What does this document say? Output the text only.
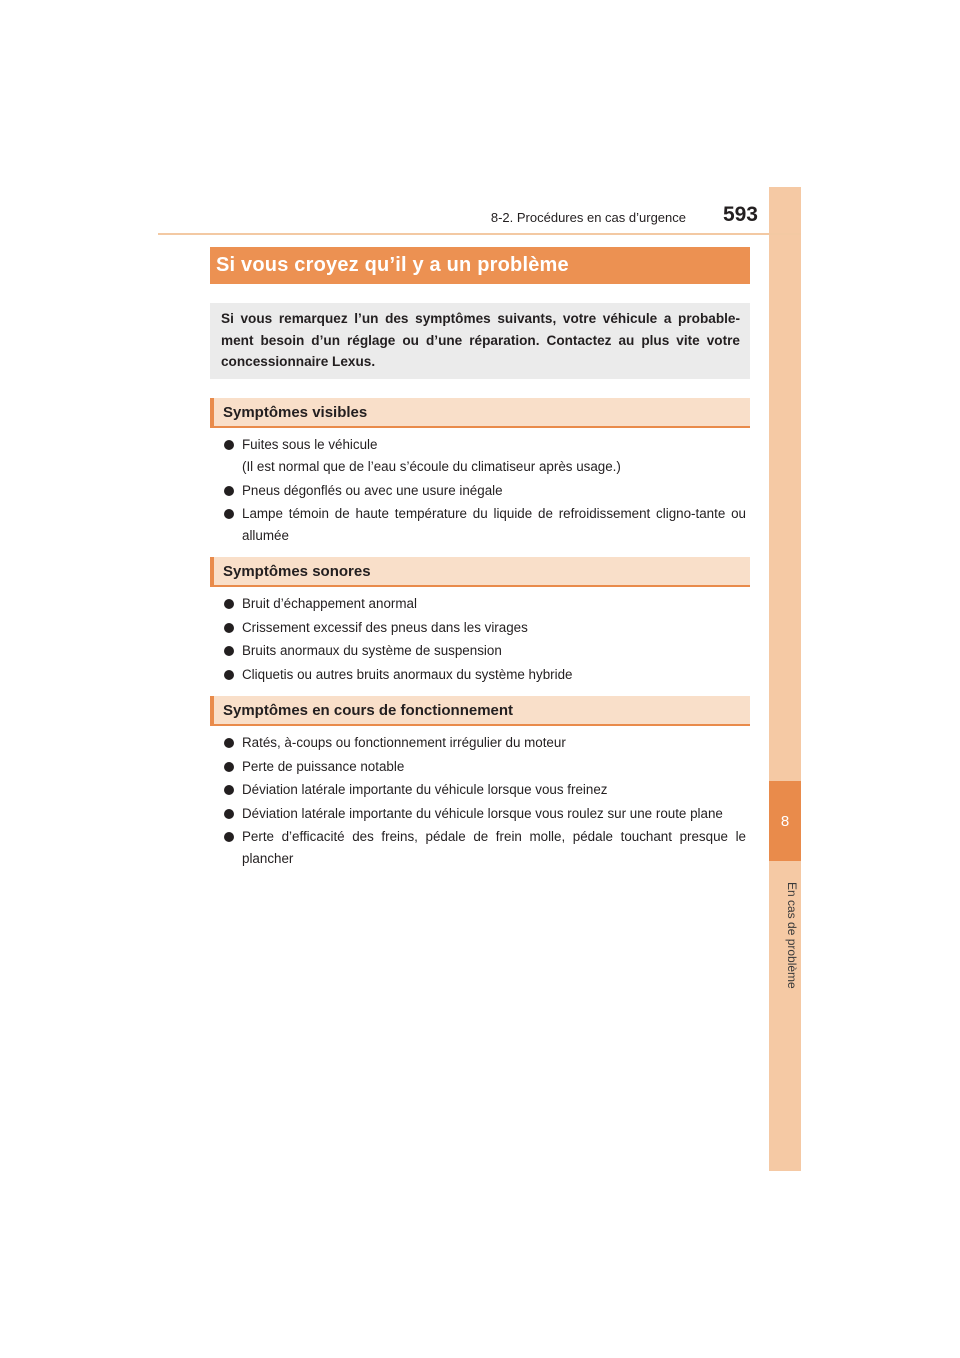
8
En cas de problème
8-2. Procédures en cas d’urgence 593
Si vous croyez qu’il y a un problème
Si vous remarquez l’un des symptômes suivants, votre véhicule a probable-ment besoin d’un réglage ou d’une réparation. Contactez au plus vite votre concessionnaire Lexus.
Symptômes visibles
Fuites sous le véhicule
(Il est normal que de l’eau s’écoule du climatiseur après usage.)
Pneus dégonflés ou avec une usure inégale
Lampe témoin de haute température du liquide de refroidissement cligno-tante ou allumée
Symptômes sonores
Bruit d’échappement anormal
Crissement excessif des pneus dans les virages
Bruits anormaux du système de suspension
Cliquetis ou autres bruits anormaux du système hybride
Symptômes en cours de fonctionnement
Ratés, à-coups ou fonctionnement irrégulier du moteur
Perte de puissance notable
Déviation latérale importante du véhicule lorsque vous freinez
Déviation latérale importante du véhicule lorsque vous roulez sur une route plane
Perte d’efficacité des freins, pédale de frein molle, pédale touchant presque le plancher
